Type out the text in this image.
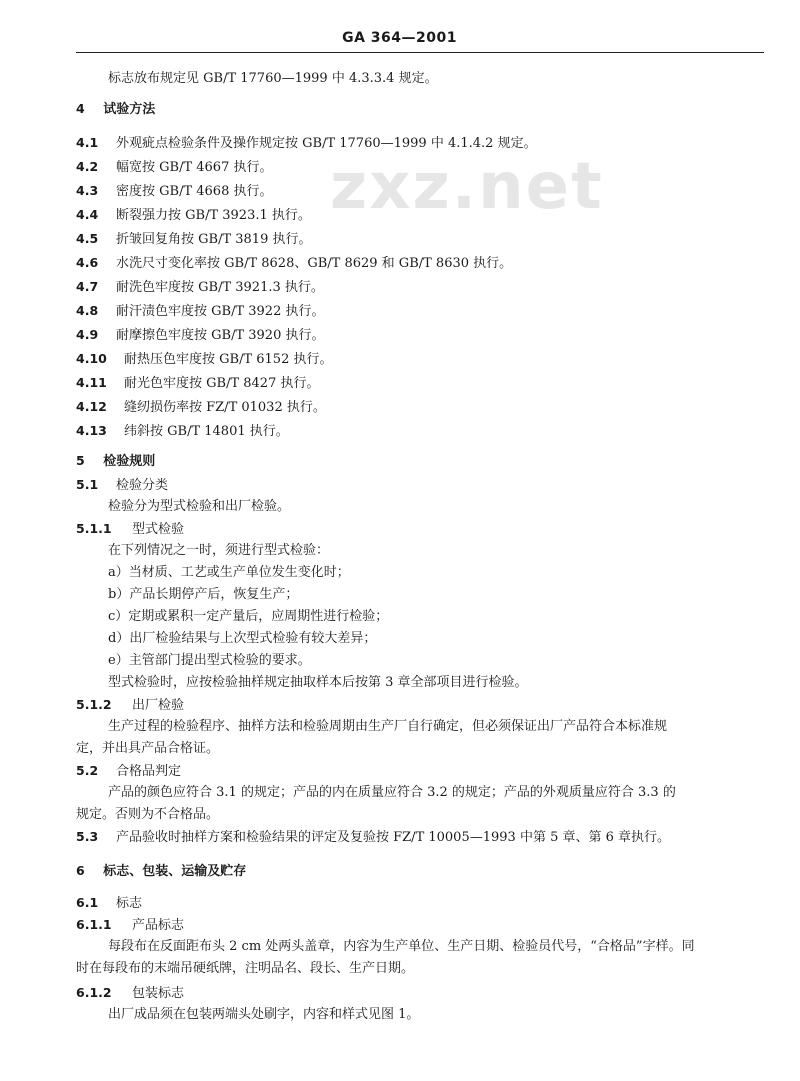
GA 364—2001
zxz.net
标志放布规定见 GB/T 17760—1999 中 4.3.3.4 规定。
4 试验方法
4.1 外观疵点检验条件及操作规定按 GB/T 17760—1999 中 4.1.4.2 规定。
4.2 幅宽按 GB/T 4667 执行。
4.3 密度按 GB/T 4668 执行。
4.4 断裂强力按 GB/T 3923.1 执行。
4.5 折皱回复角按 GB/T 3819 执行。
4.6 水洗尺寸变化率按 GB/T 8628、GB/T 8629 和 GB/T 8630 执行。
4.7 耐洗色牢度按 GB/T 3921.3 执行。
4.8 耐汗渍色牢度按 GB/T 3922 执行。
4.9 耐摩擦色牢度按 GB/T 3920 执行。
4.10 耐热压色牢度按 GB/T 6152 执行。
4.11 耐光色牢度按 GB/T 8427 执行。
4.12 缝纫损伤率按 FZ/T 01032 执行。
4.13 纬斜按 GB/T 14801 执行。
5 检验规则
5.1 检验分类
检验分为型式检验和出厂检验。
5.1.1 型式检验
在下列情况之一时，须进行型式检验：
a）当材质、工艺或生产单位发生变化时；
b）产品长期停产后，恢复生产；
c）定期或累积一定产量后，应周期性进行检验；
d）出厂检验结果与上次型式检验有较大差异；
e）主管部门提出型式检验的要求。
型式检验时，应按检验抽样规定抽取样本后按第 3 章全部项目进行检验。
5.1.2 出厂检验
生产过程的检验程序、抽样方法和检验周期由生产厂自行确定，但必须保证出厂产品符合本标准规
定，并出具产品合格证。
5.2 合格品判定
产品的颜色应符合 3.1 的规定；产品的内在质量应符合 3.2 的规定；产品的外观质量应符合 3.3 的
规定。否则为不合格品。
5.3 产品验收时抽样方案和检验结果的评定及复验按 FZ/T 10005—1993 中第 5 章、第 6 章执行。
6 标志、包装、运输及贮存
6.1 标志
6.1.1 产品标志
每段布在反面距布头 2 cm 处两头盖章，内容为生产单位、生产日期、检验员代号，“合格品”字样。同
时在每段布的末端吊硬纸牌，注明品名、段长、生产日期。
6.1.2 包装标志
出厂成品须在包装两端头处刷字，内容和样式见图 1。
